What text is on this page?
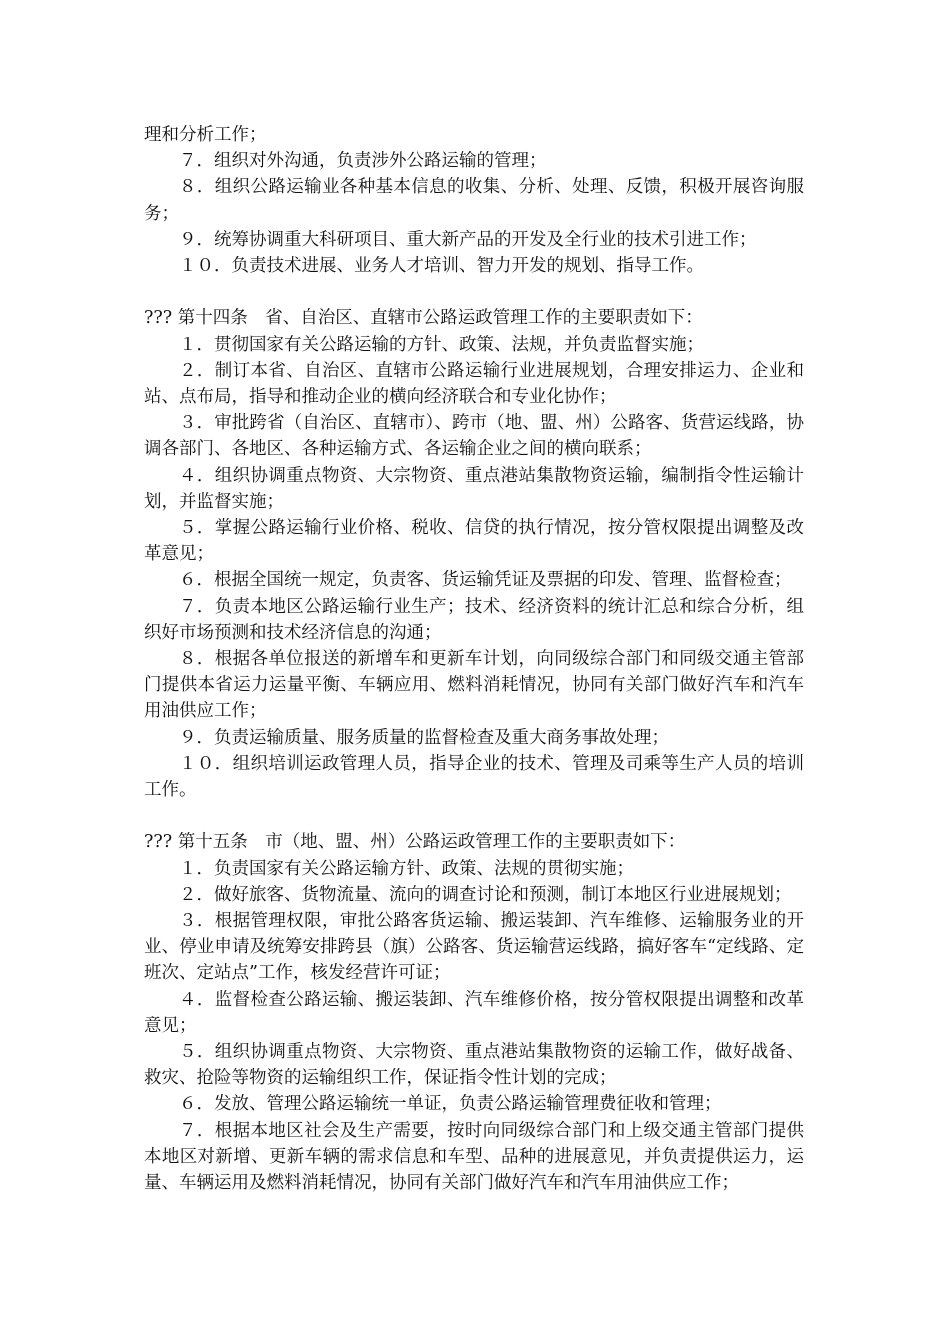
理和分析工作；

７．组织对外沟通，负责涉外公路运输的管理；

８．组织公路运输业各种基本信息的收集、分析、处理、反馈，积极开展咨询服务；

９．统筹协调重大科研项目、重大新产品的开发及全行业的技术引进工作；

１０．负责技术进展、业务人才培训、智力开发的规划、指导工作。

??? 第十四条　省、自治区、直辖市公路运政管理工作的主要职责如下：

１．贯彻国家有关公路运输的方针、政策、法规，并负责监督实施；

２．制订本省、自治区、直辖市公路运输行业进展规划，合理安排运力、企业和站、点布局，指导和推动企业的横向经济联合和专业化协作；

３．审批跨省（自治区、直辖市）、跨市（地、盟、州）公路客、货营运线路，协调各部门、各地区、各种运输方式、各运输企业之间的横向联系；

４．组织协调重点物资、大宗物资、重点港站集散物资运输，编制指令性运输计划，并监督实施；

５．掌握公路运输行业价格、税收、信贷的执行情况，按分管权限提出调整及改革意见；

６．根据全国统一规定，负责客、货运输凭证及票据的印发、管理、监督检查；

７．负责本地区公路运输行业生产；技术、经济资料的统计汇总和综合分析，组织好市场预测和技术经济信息的沟通；

８．根据各单位报送的新增车和更新车计划，向同级综合部门和同级交通主管部门提供本省运力运量平衡、车辆应用、燃料消耗情况，协同有关部门做好汽车和汽车用油供应工作；

９．负责运输质量、服务质量的监督检查及重大商务事故处理；

１０．组织培训运政管理人员，指导企业的技术、管理及司乘等生产人员的培训工作。

??? 第十五条　市（地、盟、州）公路运政管理工作的主要职责如下：

１．负责国家有关公路运输方针、政策、法规的贯彻实施；

２．做好旅客、货物流量、流向的调查讨论和预测，制订本地区行业进展规划；

３．根据管理权限，审批公路客货运输、搬运装卸、汽车维修、运输服务业的开业、停业申请及统筹安排跨县（旗）公路客、货运输营运线路，搞好客车“定线路、定班次、定站点”工作，核发经营许可证；

４．监督检查公路运输、搬运装卸、汽车维修价格，按分管权限提出调整和改革意见；

５．组织协调重点物资、大宗物资、重点港站集散物资的运输工作，做好战备、救灾、抢险等物资的运输组织工作，保证指令性计划的完成；

６．发放、管理公路运输统一单证，负责公路运输管理费征收和管理；

７．根据本地区社会及生产需要，按时向同级综合部门和上级交通主管部门提供本地区对新增、更新车辆的需求信息和车型、品种的进展意见，并负责提供运力，运量、车辆运用及燃料消耗情况，协同有关部门做好汽车和汽车用油供应工作；
